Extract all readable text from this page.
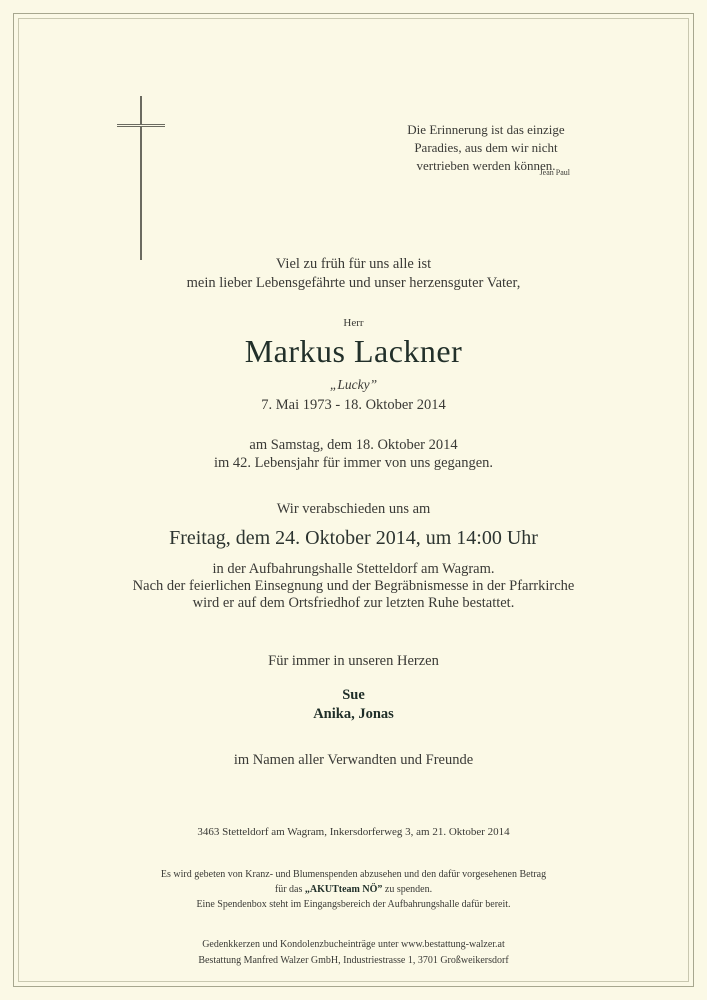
Die Erinnerung ist das einzige
Paradies, aus dem wir nicht
vertrieben werden können.
Jean Paul
Viel zu früh für uns alle ist
mein lieber Lebensgefährte und unser herzensguter Vater,
Herr
Markus Lackner
„Lucky”
7. Mai 1973 - 18. Oktober 2014
am Samstag, dem 18. Oktober 2014
im 42. Lebensjahr für immer von uns gegangen.
Wir verabschieden uns am
Freitag, dem 24. Oktober 2014, um 14:00 Uhr
in der Aufbahrungshalle Stetteldorf am Wagram.
Nach der feierlichen Einsegnung und der Begräbnismesse in der Pfarrkirche
wird er auf dem Ortsfriedhof zur letzten Ruhe bestattet.
Für immer in unseren Herzen
Sue
Anika, Jonas
im Namen aller Verwandten und Freunde
3463 Stetteldorf am Wagram, Inkersdorferweg 3, am 21. Oktober 2014
Es wird gebeten von Kranz- und Blumenspenden abzusehen und den dafür vorgesehenen Betrag
für das „AKUTteam NÖ” zu spenden.
Eine Spendenbox steht im Eingangsbereich der Aufbahrungshalle dafür bereit.
Gedenkkerzen und Kondolenzbucheinträge unter www.bestattung-walzer.at
Bestattung Manfred Walzer GmbH, Industriestrasse 1, 3701 Großweikersdorf
